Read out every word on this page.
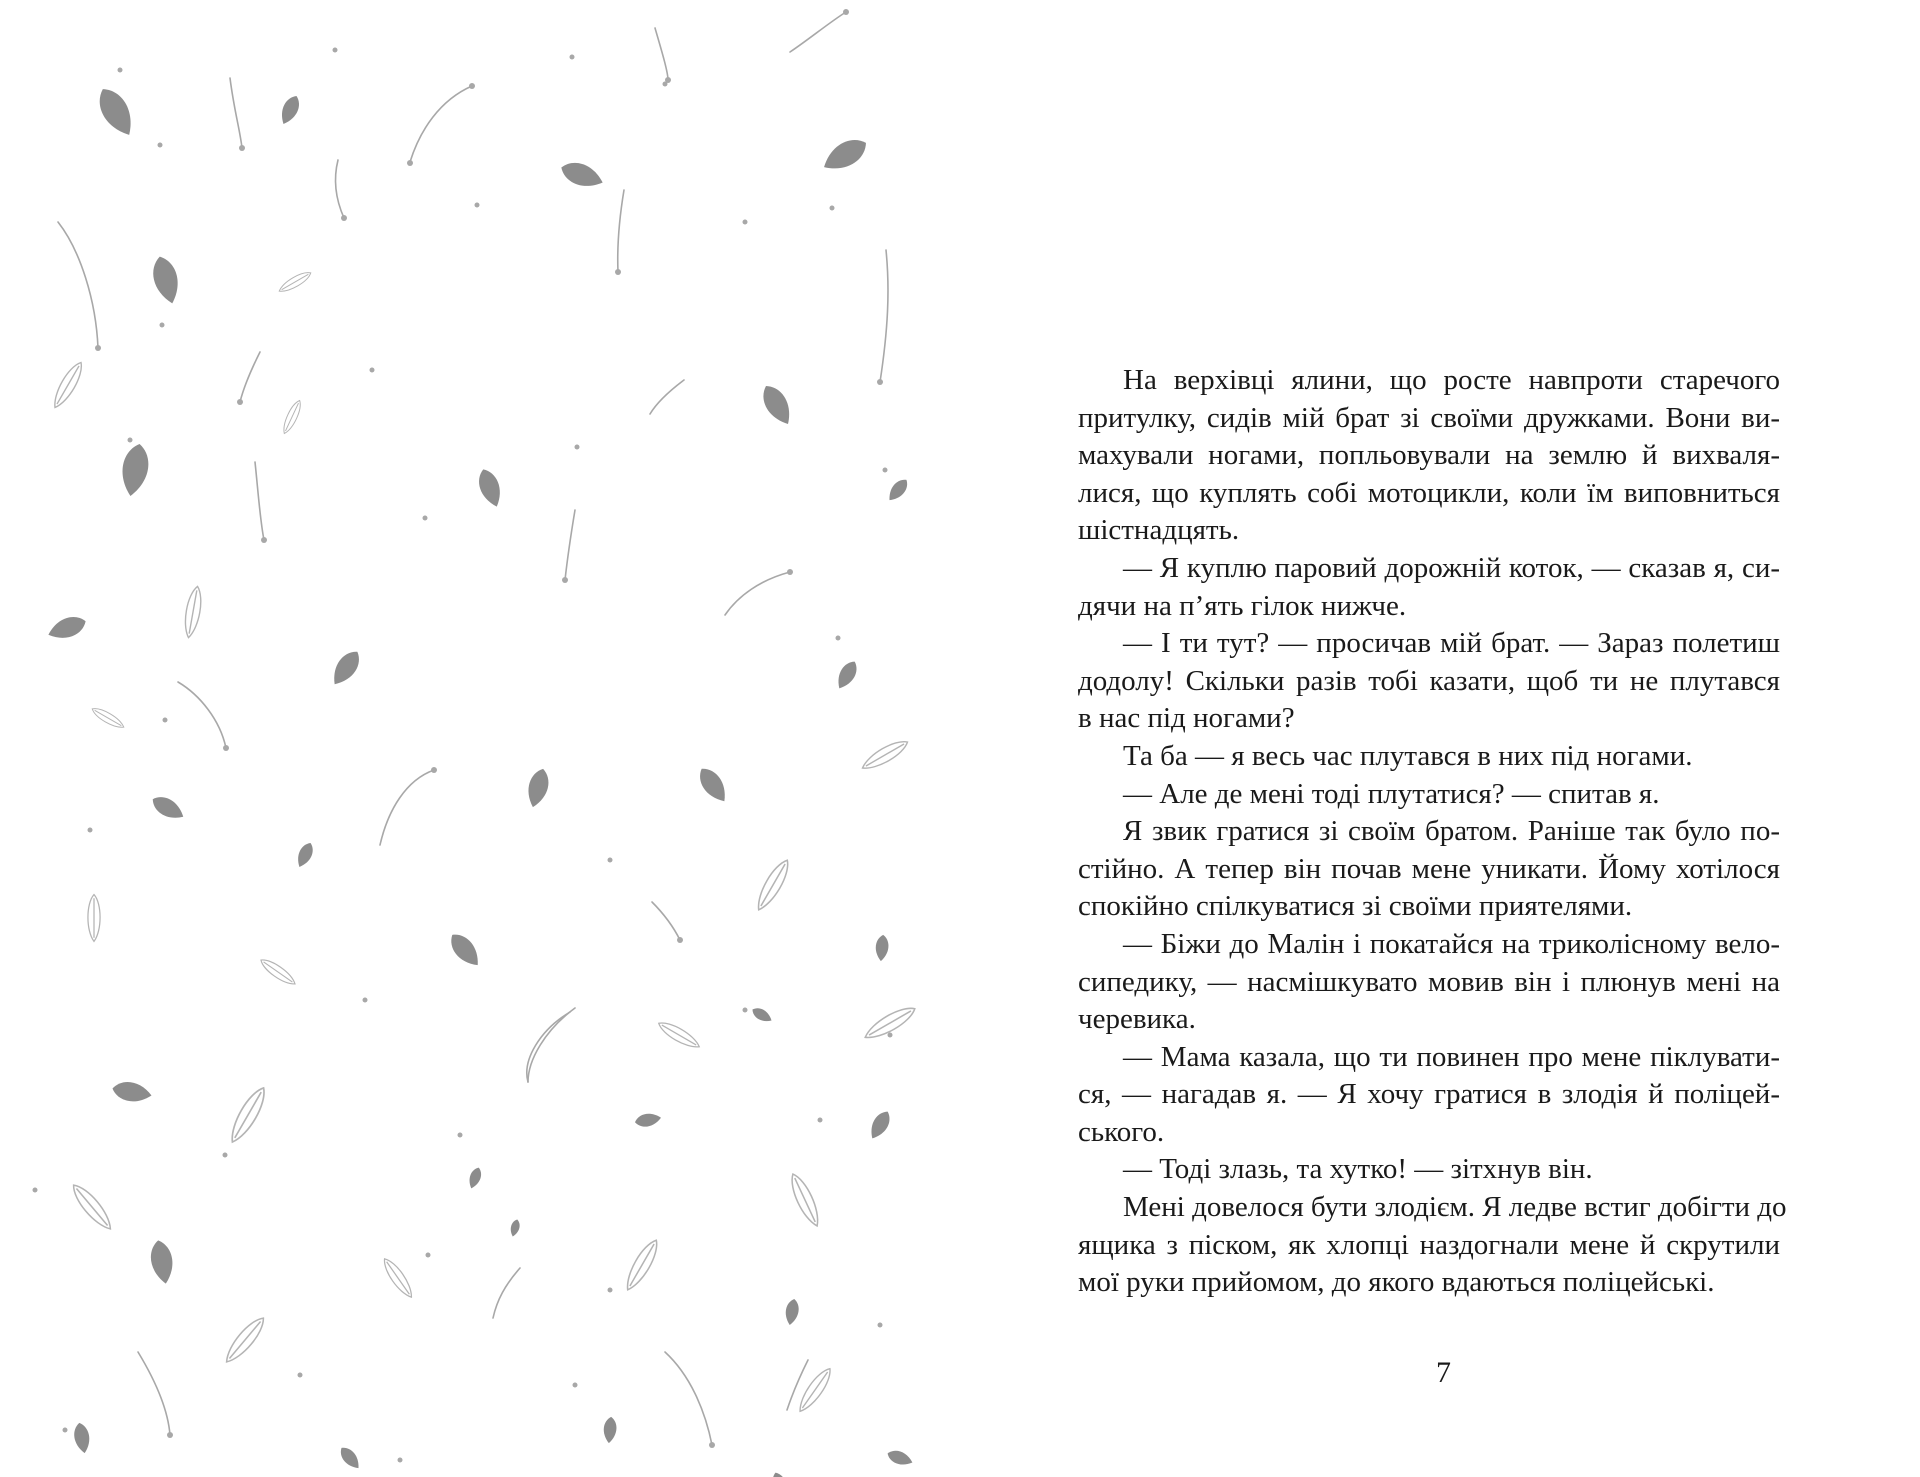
На верхівці ялини, що росте навпроти старечого
притулку, сидів мій брат зі своїми дружками. Вони ви-
махували ногами, попльовували на землю й вихваля-
лися, що куплять собі мотоцикли, коли їм виповниться
шістнадцять.
— Я куплю паровий дорожній коток, — сказав я, си-
дячи на п’ять гілок нижче.
— І ти тут? — просичав мій брат. — Зараз полетиш
додолу! Скільки разів тобі казати, щоб ти не плутався
в нас під ногами?
Та ба — я весь час плутався в них під ногами.
— Але де мені тоді плутатися? — спитав я.
Я звик гратися зі своїм братом. Раніше так було по-
стійно. А тепер він почав мене уникати. Йому хотілося
спокійно спілкуватися зі своїми приятелями.
— Біжи до Малін і покатайся на триколісному вело-
сипедику, — насмішкувато мовив він і плюнув мені на
черевика.
— Мама казала, що ти повинен про мене піклувати-
ся, — нагадав я. — Я хочу гратися в злодія й поліцей-
ського.
— Тоді злазь, та хутко! — зітхнув він.
Мені довелося бути злодієм. Я ледве встиг добігти до
ящика з піском, як хлопці наздогнали мене й скрутили
мої руки прийомом, до якого вдаються поліцейські.
7
